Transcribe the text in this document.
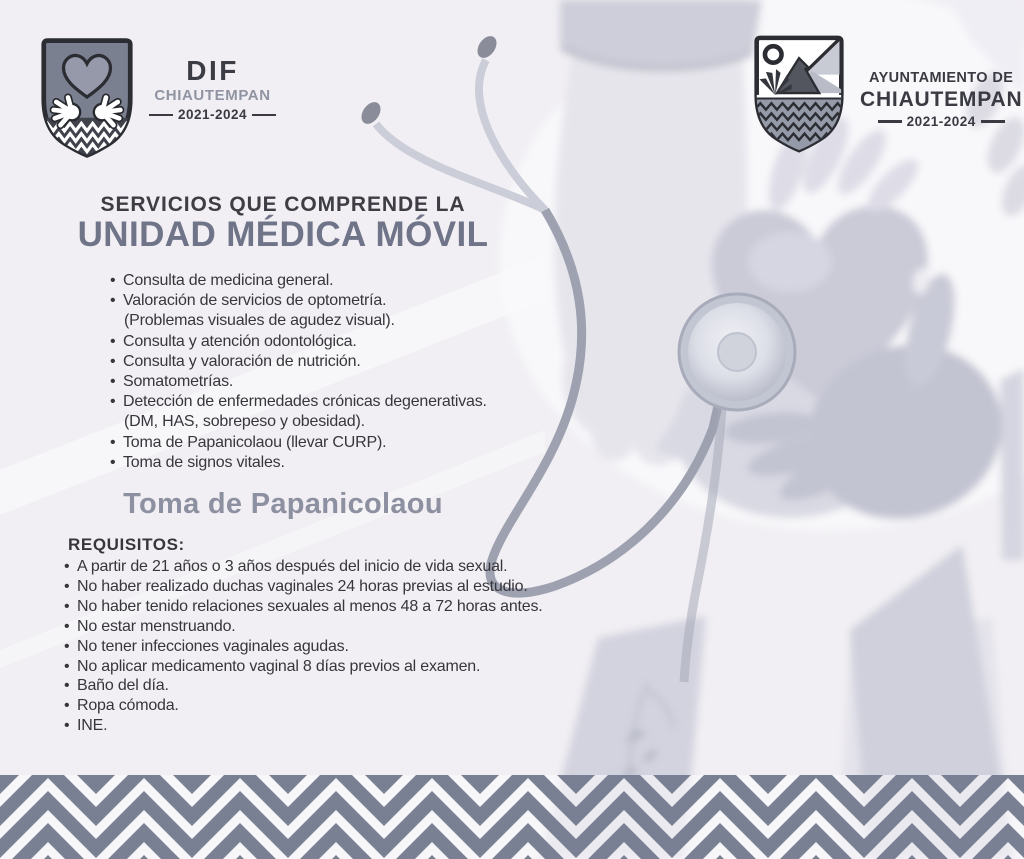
DIF
CHIAUTEMPAN
2021-2024
AYUNTAMIENTO DE
CHIAUTEMPAN
2021-2024
SERVICIOS QUE COMPRENDE LA
UNIDAD MÉDICA MÓVIL
• Consulta de medicina general.
• Valoración de servicios de optometría.
(Problemas visuales de agudez visual).
• Consulta y atención odontológica.
• Consulta y valoración de nutrición.
• Somatometrías.
• Detección de enfermedades crónicas degenerativas.
(DM, HAS, sobrepeso y obesidad).
• Toma de Papanicolaou (llevar CURP).
• Toma de signos vitales.
Toma de Papanicolaou
REQUISITOS:
• A partir de 21 años o 3 años después del inicio de vida sexual.
• No haber realizado duchas vaginales 24 horas previas al estudio.
• No haber tenido relaciones sexuales al menos 48 a 72 horas antes.
• No estar menstruando.
• No tener infecciones vaginales agudas.
• No aplicar medicamento vaginal 8 días previos al examen.
• Baño del día.
• Ropa cómoda.
• INE.
